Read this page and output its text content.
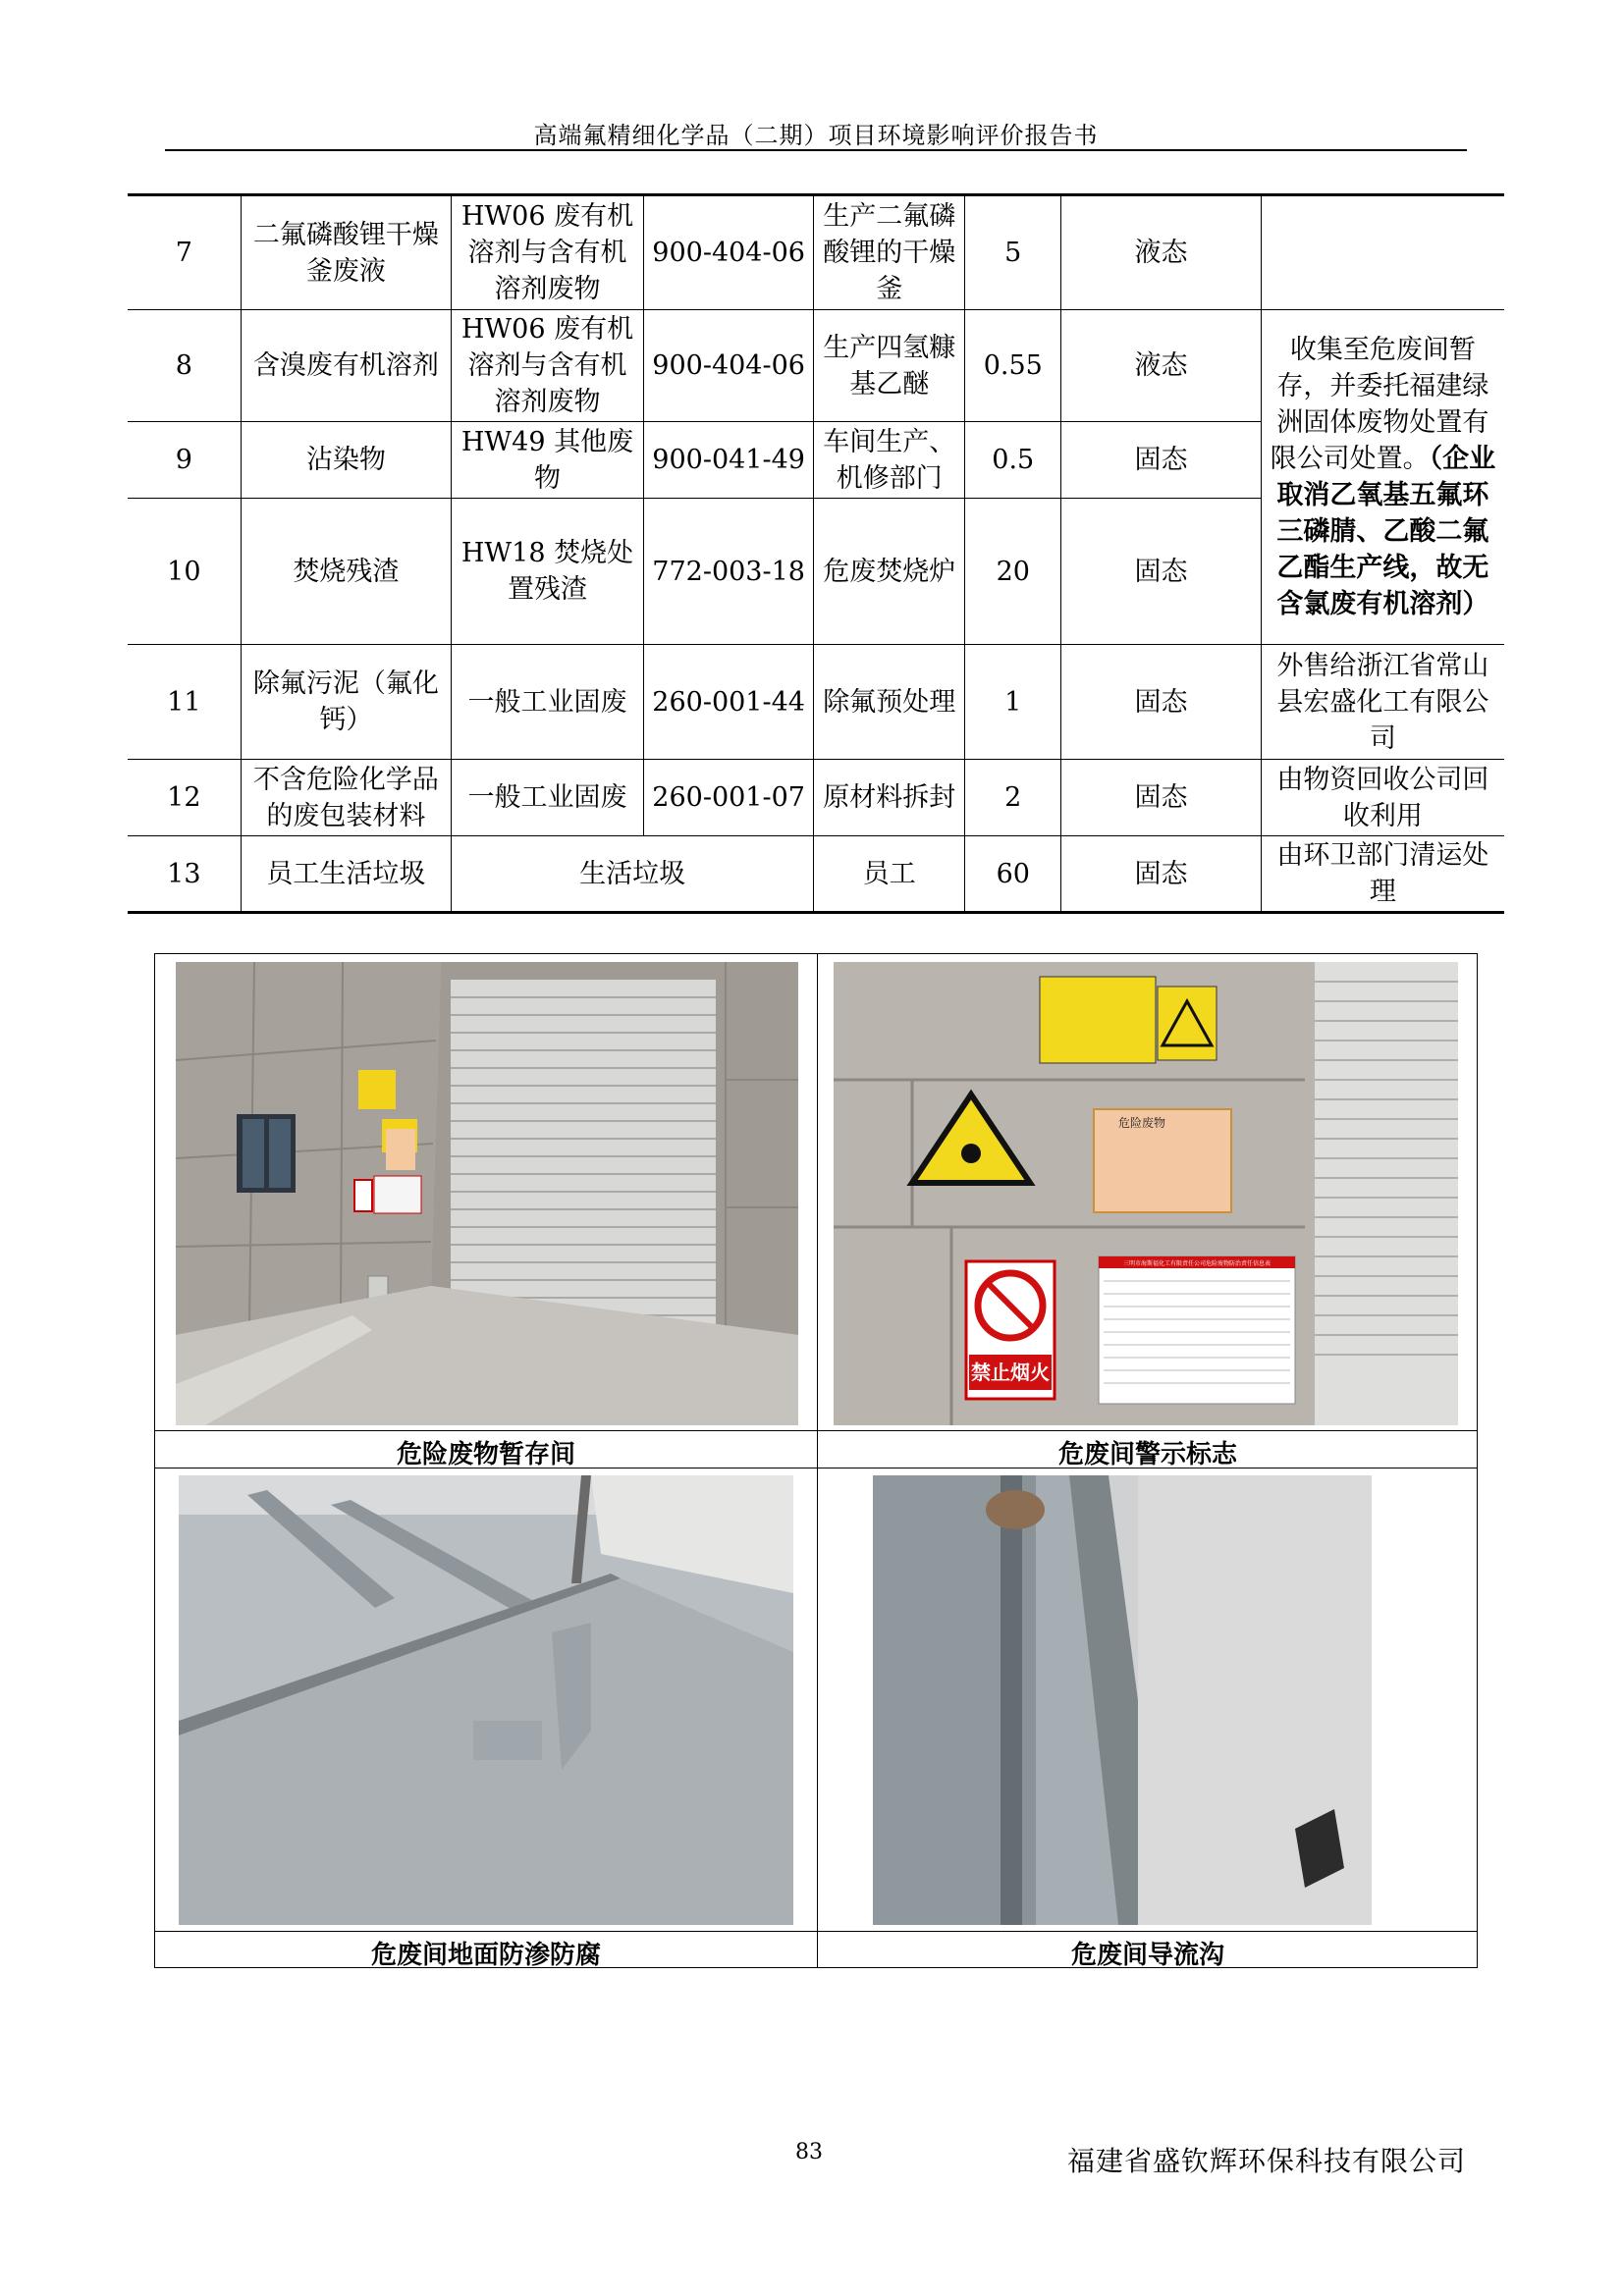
高端氟精细化学品（二期）项目环境影响评价报告书
7	二氟磷酸锂干燥釜废液	HW06 废有机溶剂与含有机溶剂废物	900-404-06	生产二氟磷酸锂的干燥釜	5	液态	
8	含溴废有机溶剂	HW06 废有机溶剂与含有机溶剂废物	900-404-06	生产四氢糠基乙醚	0.55	液态	收集至危废间暂存，并委托福建绿洲固体废物处置有限公司处置。（企业取消乙氧基五氟环三磷腈、乙酸二氟乙酯生产线，故无含氯废有机溶剂）
9	沾染物	HW49 其他废物	900-041-49	车间生产、机修部门	0.5	固态	
10	焚烧残渣	HW18 焚烧处置残渣	772-003-18	危废焚烧炉	20	固态	
11	除氟污泥（氟化钙）	一般工业固废	260-001-44	除氟预处理	1	固态	外售给浙江省常山县宏盛化工有限公司
12	不含危险化学品的废包装材料	一般工业固废	260-001-07	原材料拆封	2	固态	由物资回收公司回收利用
13	员工生活垃圾	生活垃圾		员工	60	固态	由环卫部门清运处理
危险废物
禁止烟火
三明市海斯福化工有限责任公司危险废物防治责任信息表
危险废物暂存间	危废间警示标志
危废间地面防渗防腐	危废间导流沟
83	福建省盛钦辉环保科技有限公司
